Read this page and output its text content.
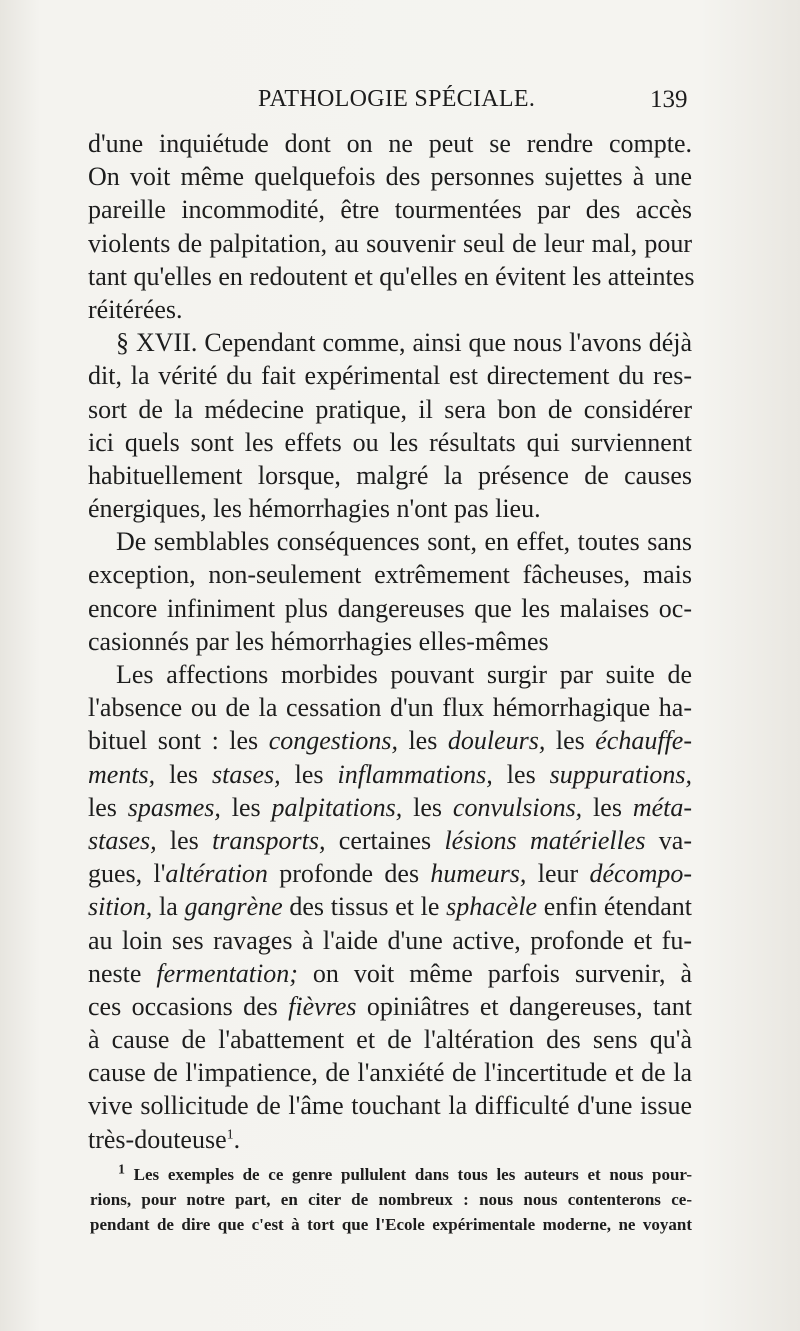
PATHOLOGIE SPÉCIALE.	139
d'une inquiétude dont on ne peut se rendre compte.
On voit même quelquefois des personnes sujettes à une
pareille incommodité, être tourmentées par des accès
violents de palpitation, au souvenir seul de leur mal, pour
tant qu'elles en redoutent et qu'elles en évitent les atteintes
réitérées.
§ XVII. Cependant comme, ainsi que nous l'avons déjà
dit, la vérité du fait expérimental est directement du res-
sort de la médecine pratique, il sera bon de considérer
ici quels sont les effets ou les résultats qui surviennent
habituellement lorsque, malgré la présence de causes
énergiques, les hémorrhagies n'ont pas lieu.
De semblables conséquences sont, en effet, toutes sans
exception, non-seulement extrêmement fâcheuses, mais
encore infiniment plus dangereuses que les malaises oc-
casionnés par les hémorrhagies elles-mêmes
Les affections morbides pouvant surgir par suite de
l'absence ou de la cessation d'un flux hémorrhagique ha-
bituel sont : les congestions, les douleurs, les échauffe-
ments, les stases, les inflammations, les suppurations,
les spasmes, les palpitations, les convulsions, les méta-
stases, les transports, certaines lésions matérielles va-
gues, l'altération profonde des humeurs, leur décompo-
sition, la gangrène des tissus et le sphacèle enfin étendant
au loin ses ravages à l'aide d'une active, profonde et fu-
neste fermentation; on voit même parfois survenir, à
ces occasions des fièvres opiniâtres et dangereuses, tant
à cause de l'abattement et de l'altération des sens qu'à
cause de l'impatience, de l'anxiété de l'incertitude et de la
vive sollicitude de l'âme touchant la difficulté d'une issue
très-douteuse$^1$.
$^1$ Les exemples de ce genre pullulent dans tous les auteurs et nous pour-
rions, pour notre part, en citer de nombreux : nous nous contenterons ce-
pendant de dire que c'est à tort que l'Ecole expérimentale moderne, ne voyant
